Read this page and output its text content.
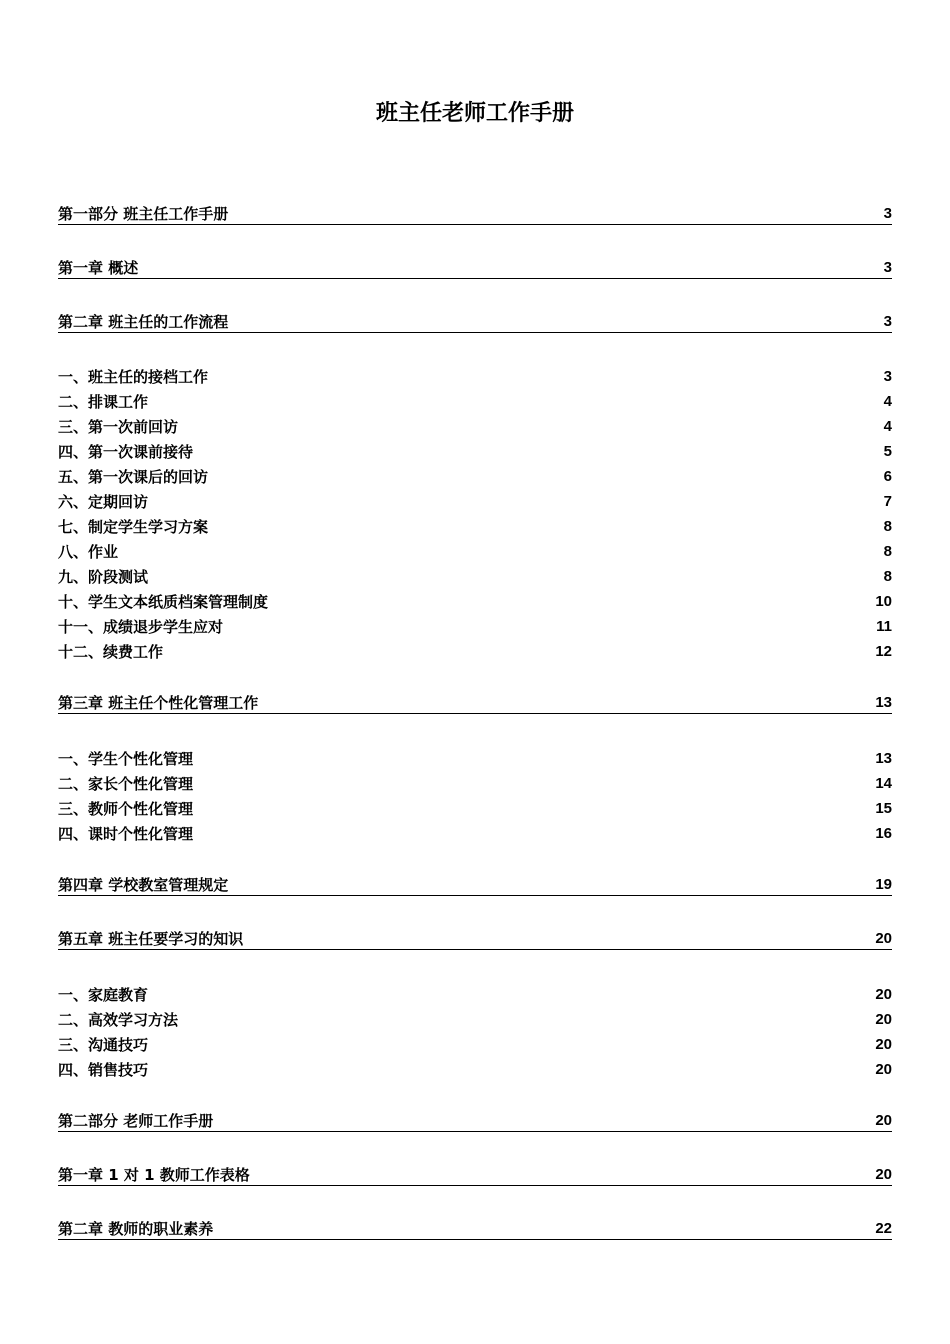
班主任老师工作手册
第一部分 班主任工作手册	3
第一章 概述	3
第二章 班主任的工作流程	3
一、班主任的接档工作	3
二、排课工作	4
三、第一次前回访	4
四、第一次课前接待	5
五、第一次课后的回访	6
六、定期回访	7
七、制定学生学习方案	8
八、作业	8
九、阶段测试	8
十、学生文本纸质档案管理制度	10
十一、成绩退步学生应对	11
十二、续费工作	12
第三章 班主任个性化管理工作	13
一、学生个性化管理	13
二、家长个性化管理	14
三、教师个性化管理	15
四、课时个性化管理	16
第四章 学校教室管理规定	19
第五章 班主任要学习的知识	20
一、家庭教育	20
二、高效学习方法	20
三、沟通技巧	20
四、销售技巧	20
第二部分 老师工作手册	20
第一章 1 对 1 教师工作表格	20
第二章 教师的职业素养	22
